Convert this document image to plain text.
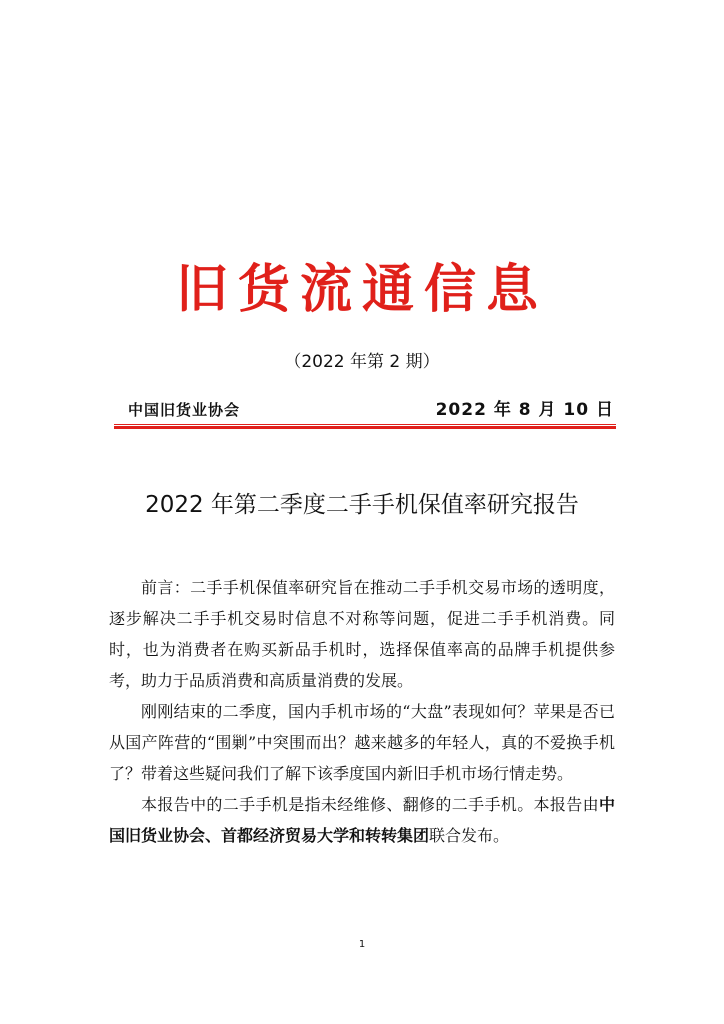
旧货流通信息
（2022 年第 2 期）
中国旧货业协会	2022 年 8 月 10 日
2022 年第二季度二手手机保值率研究报告

前言：二手手机保值率研究旨在推动二手手机交易市场的透明度，逐步解决二手手机交易时信息不对称等问题，促进二手手机消费。同时，也为消费者在购买新品手机时，选择保值率高的品牌手机提供参考，助力于品质消费和高质量消费的发展。

刚刚结束的二季度，国内手机市场的“大盘”表现如何？苹果是否已从国产阵营的“围剿”中突围而出？越来越多的年轻人，真的不爱换手机了？带着这些疑问我们了解下该季度国内新旧手机市场行情走势。

本报告中的二手手机是指未经维修、翻修的二手手机。本报告由中国旧货业协会、首都经济贸易大学和转转集团联合发布。

1
